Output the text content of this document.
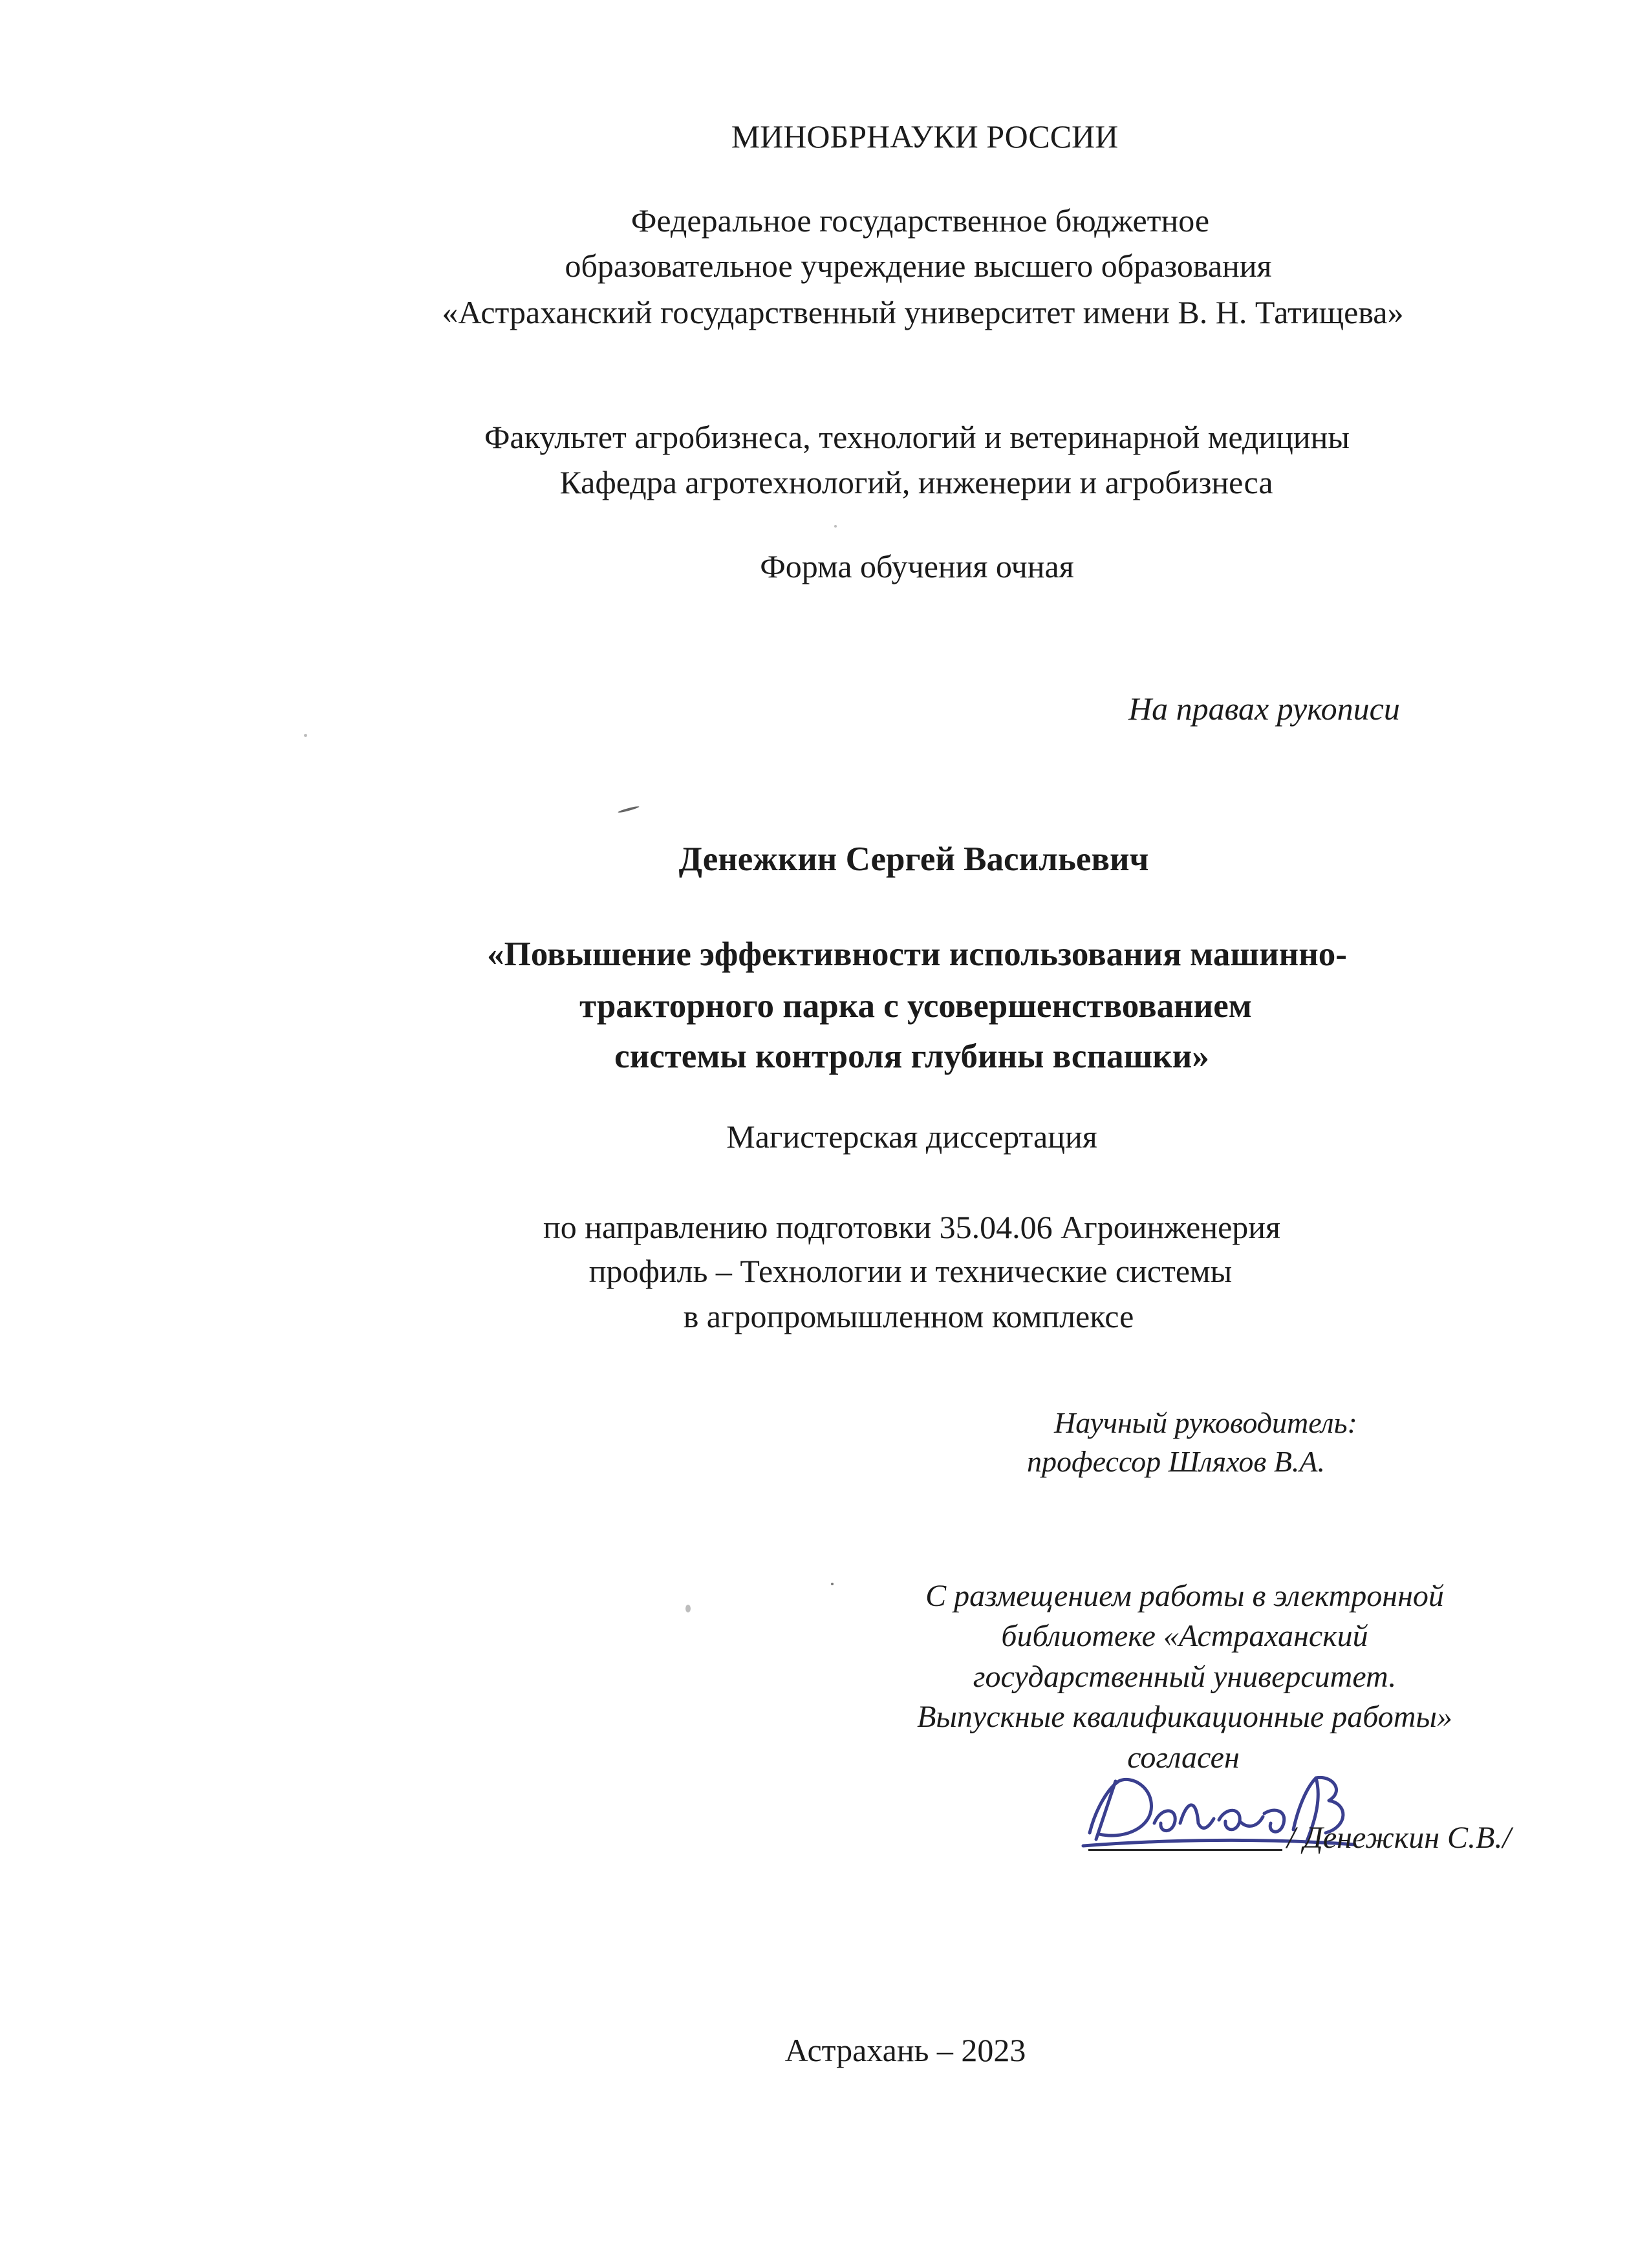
МИНОБРНАУКИ РОССИИ
Федеральное государственное бюджетное
образовательное учреждение высшего образования
«Астраханский государственный университет имени В. Н. Татищева»
Факультет агробизнеса, технологий и ветеринарной медицины
Кафедра агротехнологий, инженерии и агробизнеса
Форма обучения очная
На правах рукописи
Денежкин Сергей Васильевич
«Повышение эффективности использования машинно-
тракторного парка с усовершенствованием
системы контроля глубины вспашки»
Магистерская диссертация
по направлению подготовки 35.04.06 Агроинженерия
профиль – Технологии и технические системы
в агропромышленном комплексе
Научный руководитель:
профессор Шляхов В.А.
С размещением работы в электронной
библиотеке «Астраханский
государственный университет.
Выпускные квалификационные работы»
согласен
/ Денежкин С.В./
Астрахань – 2023
